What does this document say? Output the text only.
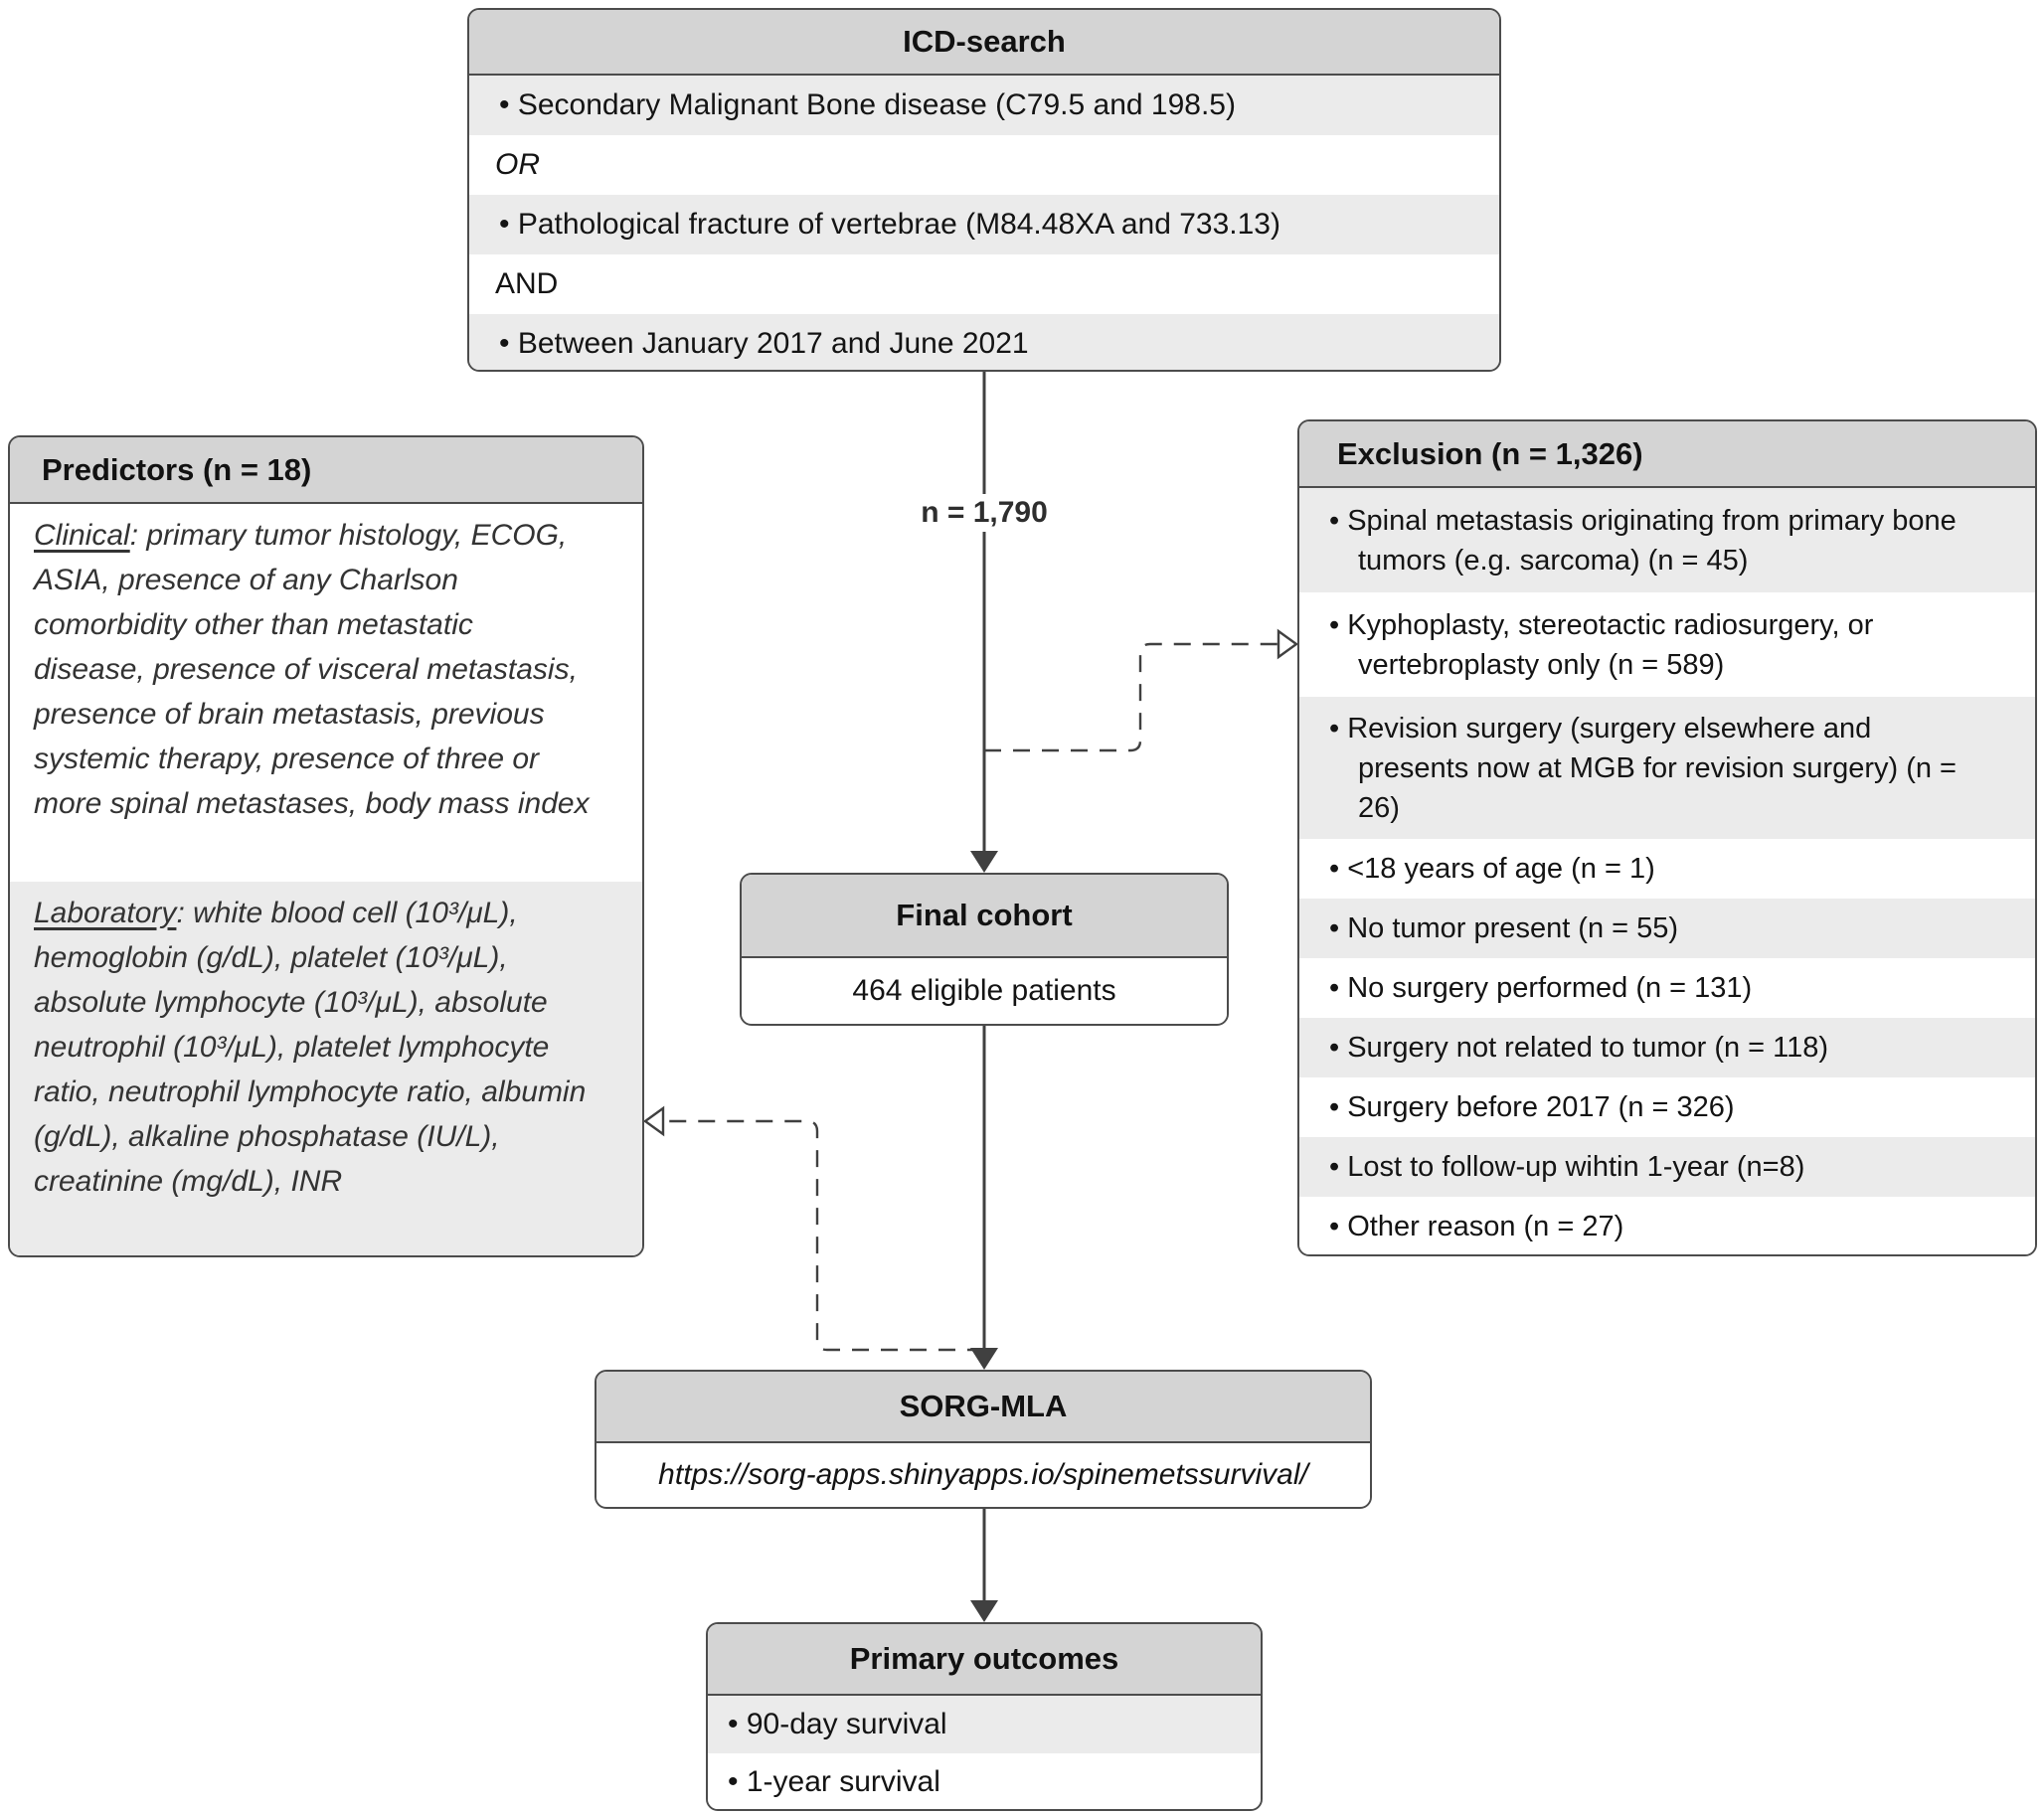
n = 1,790
ICD-search
• Secondary Malignant Bone disease (C79.5 and 198.5)
OR
• Pathological fracture of vertebrae (M84.48XA and 733.13)
AND
• Between January 2017 and June 2021
Predictors (n = 18)
Clinical: primary tumor histology, ECOG, ASIA, presence of any Charlson comorbidity other than metastatic disease, presence of visceral metastasis, presence of brain metastasis, previous systemic therapy, presence of three or more spinal metastases, body mass index
Laboratory: white blood cell (10³/μL), hemoglobin (g/dL), platelet (10³/μL), absolute lymphocyte (10³/μL), absolute neutrophil (10³/μL), platelet lymphocyte ratio, neutrophil lymphocyte ratio, albumin (g/dL), alkaline phosphatase (IU/L), creatinine (mg/dL), INR
Exclusion (n = 1,326)
• Spinal metastasis originating from primary bone tumors (e.g. sarcoma) (n = 45)
• Kyphoplasty, stereotactic radiosurgery, or vertebroplasty only (n = 589)
• Revision surgery (surgery elsewhere and presents now at MGB for revision surgery) (n = 26)
• <18 years of age (n = 1)
• No tumor present (n = 55)
• No surgery performed (n = 131)
• Surgery not related to tumor (n = 118)
• Surgery before 2017 (n = 326)
• Lost to follow-up wihtin 1-year (n=8)
• Other reason (n = 27)
Final cohort
464 eligible patients
SORG-MLA
https://sorg-apps.shinyapps.io/spinemetssurvival/
Primary outcomes
• 90-day survival
• 1-year survival
